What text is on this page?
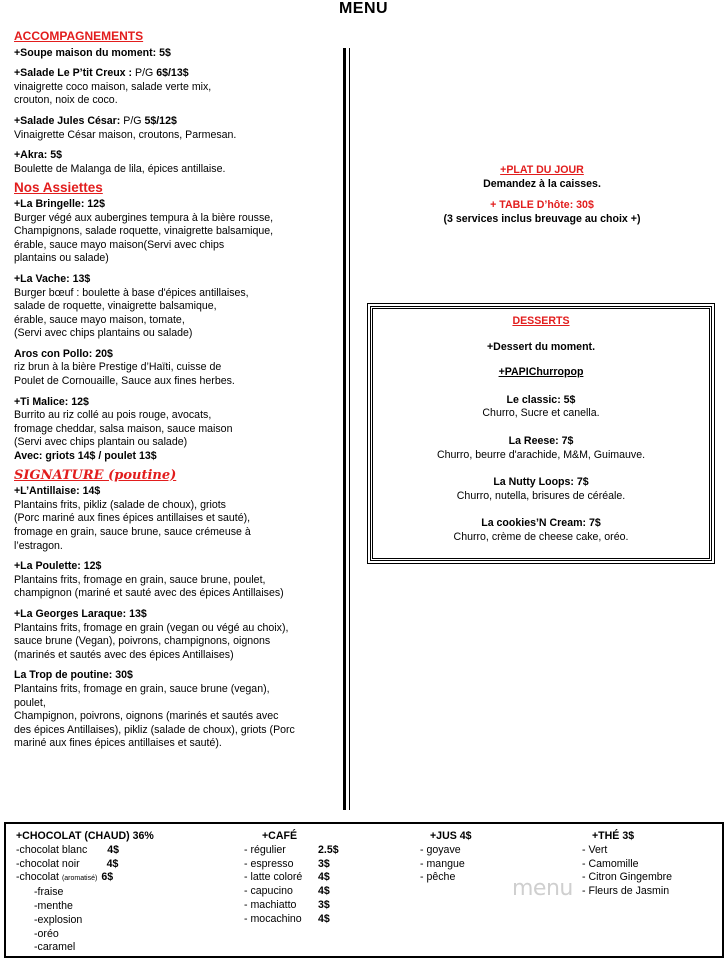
MENU
ACCOMPAGNEMENTS
+Soupe maison du moment: 5$
+Salade Le P’tit Creux : P/G 6$/13$
vinaigrette coco maison, salade verte mix,
crouton, noix de coco.
+Salade Jules César: P/G 5$/12$
Vinaigrette César maison, croutons, Parmesan.
+Akra: 5$
Boulette de Malanga de lila, épices antillaise.
Nos Assiettes
+La Bringelle: 12$
Burger végé aux aubergines tempura à la bière rousse,
Champignons, salade roquette, vinaigrette balsamique,
érable, sauce mayo maison(Servi avec chips
plantains ou salade)
+La Vache: 13$
Burger bœuf : boulette à base d'épices antillaises,
salade de roquette, vinaigrette balsamique,
érable, sauce mayo maison, tomate,
(Servi avec chips plantains ou salade)
Aros con Pollo: 20$
riz brun à la bière Prestige d’Haïti, cuisse de
Poulet de Cornouaille, Sauce aux fines herbes.
+Ti Malice: 12$
Burrito au riz collé au pois rouge, avocats,
fromage cheddar, salsa maison, sauce maison
(Servi avec chips plantain ou salade)
Avec: griots 14$ / poulet 13$
SIGNATURE (poutine)
+L’Antillaise: 14$
Plantains frits, pikliz (salade de choux), griots
(Porc mariné aux fines épices antillaises et sauté),
fromage en grain, sauce brune, sauce crémeuse à
l’estragon.
+La Poulette: 12$
Plantains frits, fromage en grain, sauce brune, poulet,
champignon (mariné et sauté avec des épices Antillaises)
+La Georges Laraque: 13$
Plantains frits, fromage en grain (vegan ou végé au choix),
sauce brune (Vegan), poivrons, champignons, oignons
(marinés et sautés avec des épices Antillaises)
La Trop de poutine: 30$
Plantains frits, fromage en grain, sauce brune (vegan),
poulet,
Champignon, poivrons, oignons (marinés et sautés avec
des épices Antillaises), pikliz (salade de choux), griots (Porc
mariné aux fines épices antillaises et sauté).
+PLAT DU JOUR
Demandez à la caisses.
+ TABLE D’hôte: 30$
(3 services inclus breuvage au choix +)
DESSERTS
+Dessert du moment.
+PAPIChurropop
Le classic: 5$
Churro, Sucre et canella.
La Reese: 7$
Churro, beurre d'arachide, M&M, Guimauve.
La Nutty Loops: 7$
Churro, nutella, brisures de céréale.
La cookies’N Cream: 7$
Churro, crème de cheese cake, oréo.
+CHOCOLAT (CHAUD) 36%
-chocolat blanc 4$
-chocolat noir	4$
-chocolat (aromatisé) 6$
-fraise
-menthe
-explosion
-oréo
-caramel
+CAFÉ
- régulier	2.5$
- espresso	3$
- latte coloré	4$
- capucino	4$
- machiatto	3$
- mocachino	4$
+JUS 4$
- goyave
- mangue
- pêche
+THÉ 3$
- Vert
- Camomille
- Citron Gingembre
- Fleurs de Jasmin
menu
